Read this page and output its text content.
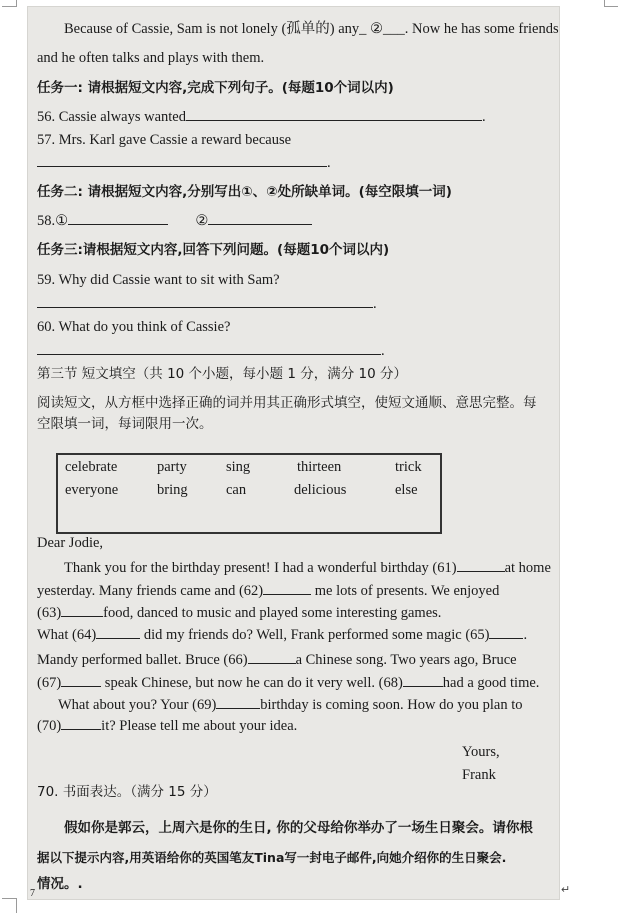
Because of Cassie, Sam is not lonely (孤单的) any_ ②___. Now he has some friends
and he often talks and plays with them.
任务一: 请根据短文内容,完成下列句子。(每题10个词以内)
56. Cassie always wanted	.
57. Mrs. Karl gave Cassie a reward because
.
任务二: 请根据短文内容,分别写出①、②处所缺单词。(每空限填一词)
58.①	②
任务三:请根据短文内容,回答下列问题。(每题10个词以内)
59. Why did Cassie want to sit with Sam?
.
60. What do you think of Cassie?
.
第三节 短文填空（共 10 个小题，每小题 1 分，满分 10 分）
阅读短文，从方框中选择正确的词并用其正确形式填空，使短文通顺、意思完整。每
空限填一词，每词限用一次。
celebrate	party	sing	thirteen	trick
everyone	bring	can	delicious	else
Dear Jodie,
Thank you for the birthday present! I had a wonderful birthday (61)	at home
yesterday. Many friends came and (62)	me lots of presents. We enjoyed
(63)	food, danced to music and played some interesting games.
What (64)	did my friends do? Well, Frank performed some magic (65) .
Mandy performed ballet. Bruce (66)	a Chinese song. Two years ago, Bruce
(67)	speak Chinese, but now he can do it very well. (68)	had a good time.
What about you? Your (69)	birthday is coming soon. How do you plan to
(70)	it? Please tell me about your idea.
Yours,
Frank
70. 书面表达。（满分 15 分）
假如你是郭云，上周六是你的生日, 你的父母给你举办了一场生日聚会。请你根
据以下提示内容,用英语给你的英国笔友Tina写一封电子邮件,向她介绍你的生日聚会.
情况。.
7	↵
